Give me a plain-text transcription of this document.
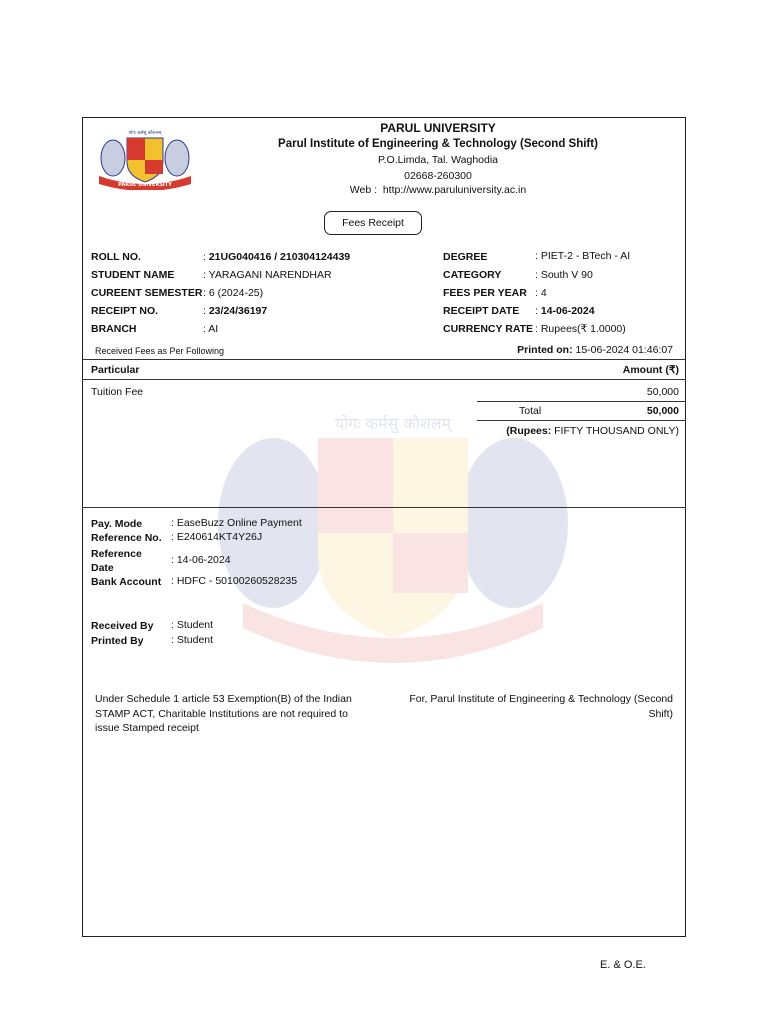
योगः कर्मसु कौशलम्
PARUL UNIVERSITY
PARUL UNIVERSITY
Parul Institute of Engineering & Technology (Second Shift)
P.O.Limda, Tal. Waghodia
02668-260300
Web : http://www.paruluniversity.ac.in
Fees Receipt
ROLL NO.	: 21UG040416 / 210304124439
STUDENT NAME	: YARAGANI NARENDHAR
CUREENT SEMESTER : 6 (2024-25)
RECEIPT NO.	: 23/24/36197
BRANCH	: AI
DEGREE	: PIET-2 - BTech - AI
CATEGORY	: South V 90
FEES PER YEAR : 4
RECEIPT DATE : 14-06-2024
CURRENCY RATE : Rupees(₹ 1.0000)
Received Fees as Per Following	Printed on: 15-06-2024 01:46:07
Particular	Amount (₹)
Tuition Fee	50,000
Total	50,000
(Rupees: FIFTY THOUSAND ONLY)
योगः कर्मसु कौशलम्
Pay. Mode	: EaseBuzz Online Payment
Reference No. : E240614KT4Y26J
Reference Date
: 14-06-2024
Bank Account : HDFC - 50100260528235
Received By : Student
Printed By	: Student
Under Schedule 1 article 53 Exemption(B) of the Indian STAMP ACT, Charitable Institutions are not required to issue Stamped receipt
For, Parul Institute of Engineering & Technology (Second Shift)
E. & O.E.
